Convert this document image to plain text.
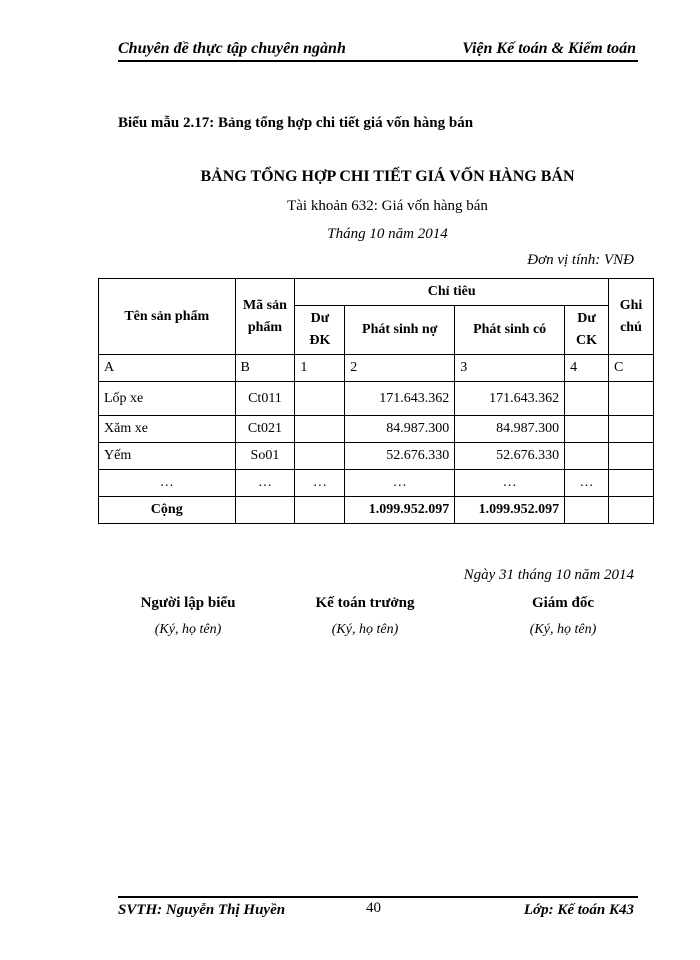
Chuyên đề thực tập chuyên ngành	Viện Kế toán & Kiểm toán
Biểu mẫu 2.17: Bảng tổng hợp chi tiết giá vốn hàng bán
BẢNG TỔNG HỢP CHI TIẾT GIÁ VỐN HÀNG BÁN
Tài khoản 632: Giá vốn hàng bán
Tháng 10 năm 2014
Đơn vị tính: VNĐ
Tên sản phẩm	Mã sản phẩm	Chỉ tiêu				Ghi chú
		Dư ĐK	Phát sinh nợ	Phát sinh có	Dư CK	
A	B	1	2	3	4	C
Lốp xe	Ct011		171.643.362	171.643.362		
Xăm xe	Ct021		84.987.300	84.987.300		
Yếm	So01		52.676.330	52.676.330		
…	…	…	…	…	…	
Cộng			1.099.952.097	1.099.952.097		
Ngày 31 tháng 10 năm 2014
Người lập biểu
(Ký, họ tên)
Kế toán trưởng
(Ký, họ tên)
Giám đốc
(Ký, họ tên)
SVTH: Nguyễn Thị Huyền	40	Lớp: Kế toán K43
